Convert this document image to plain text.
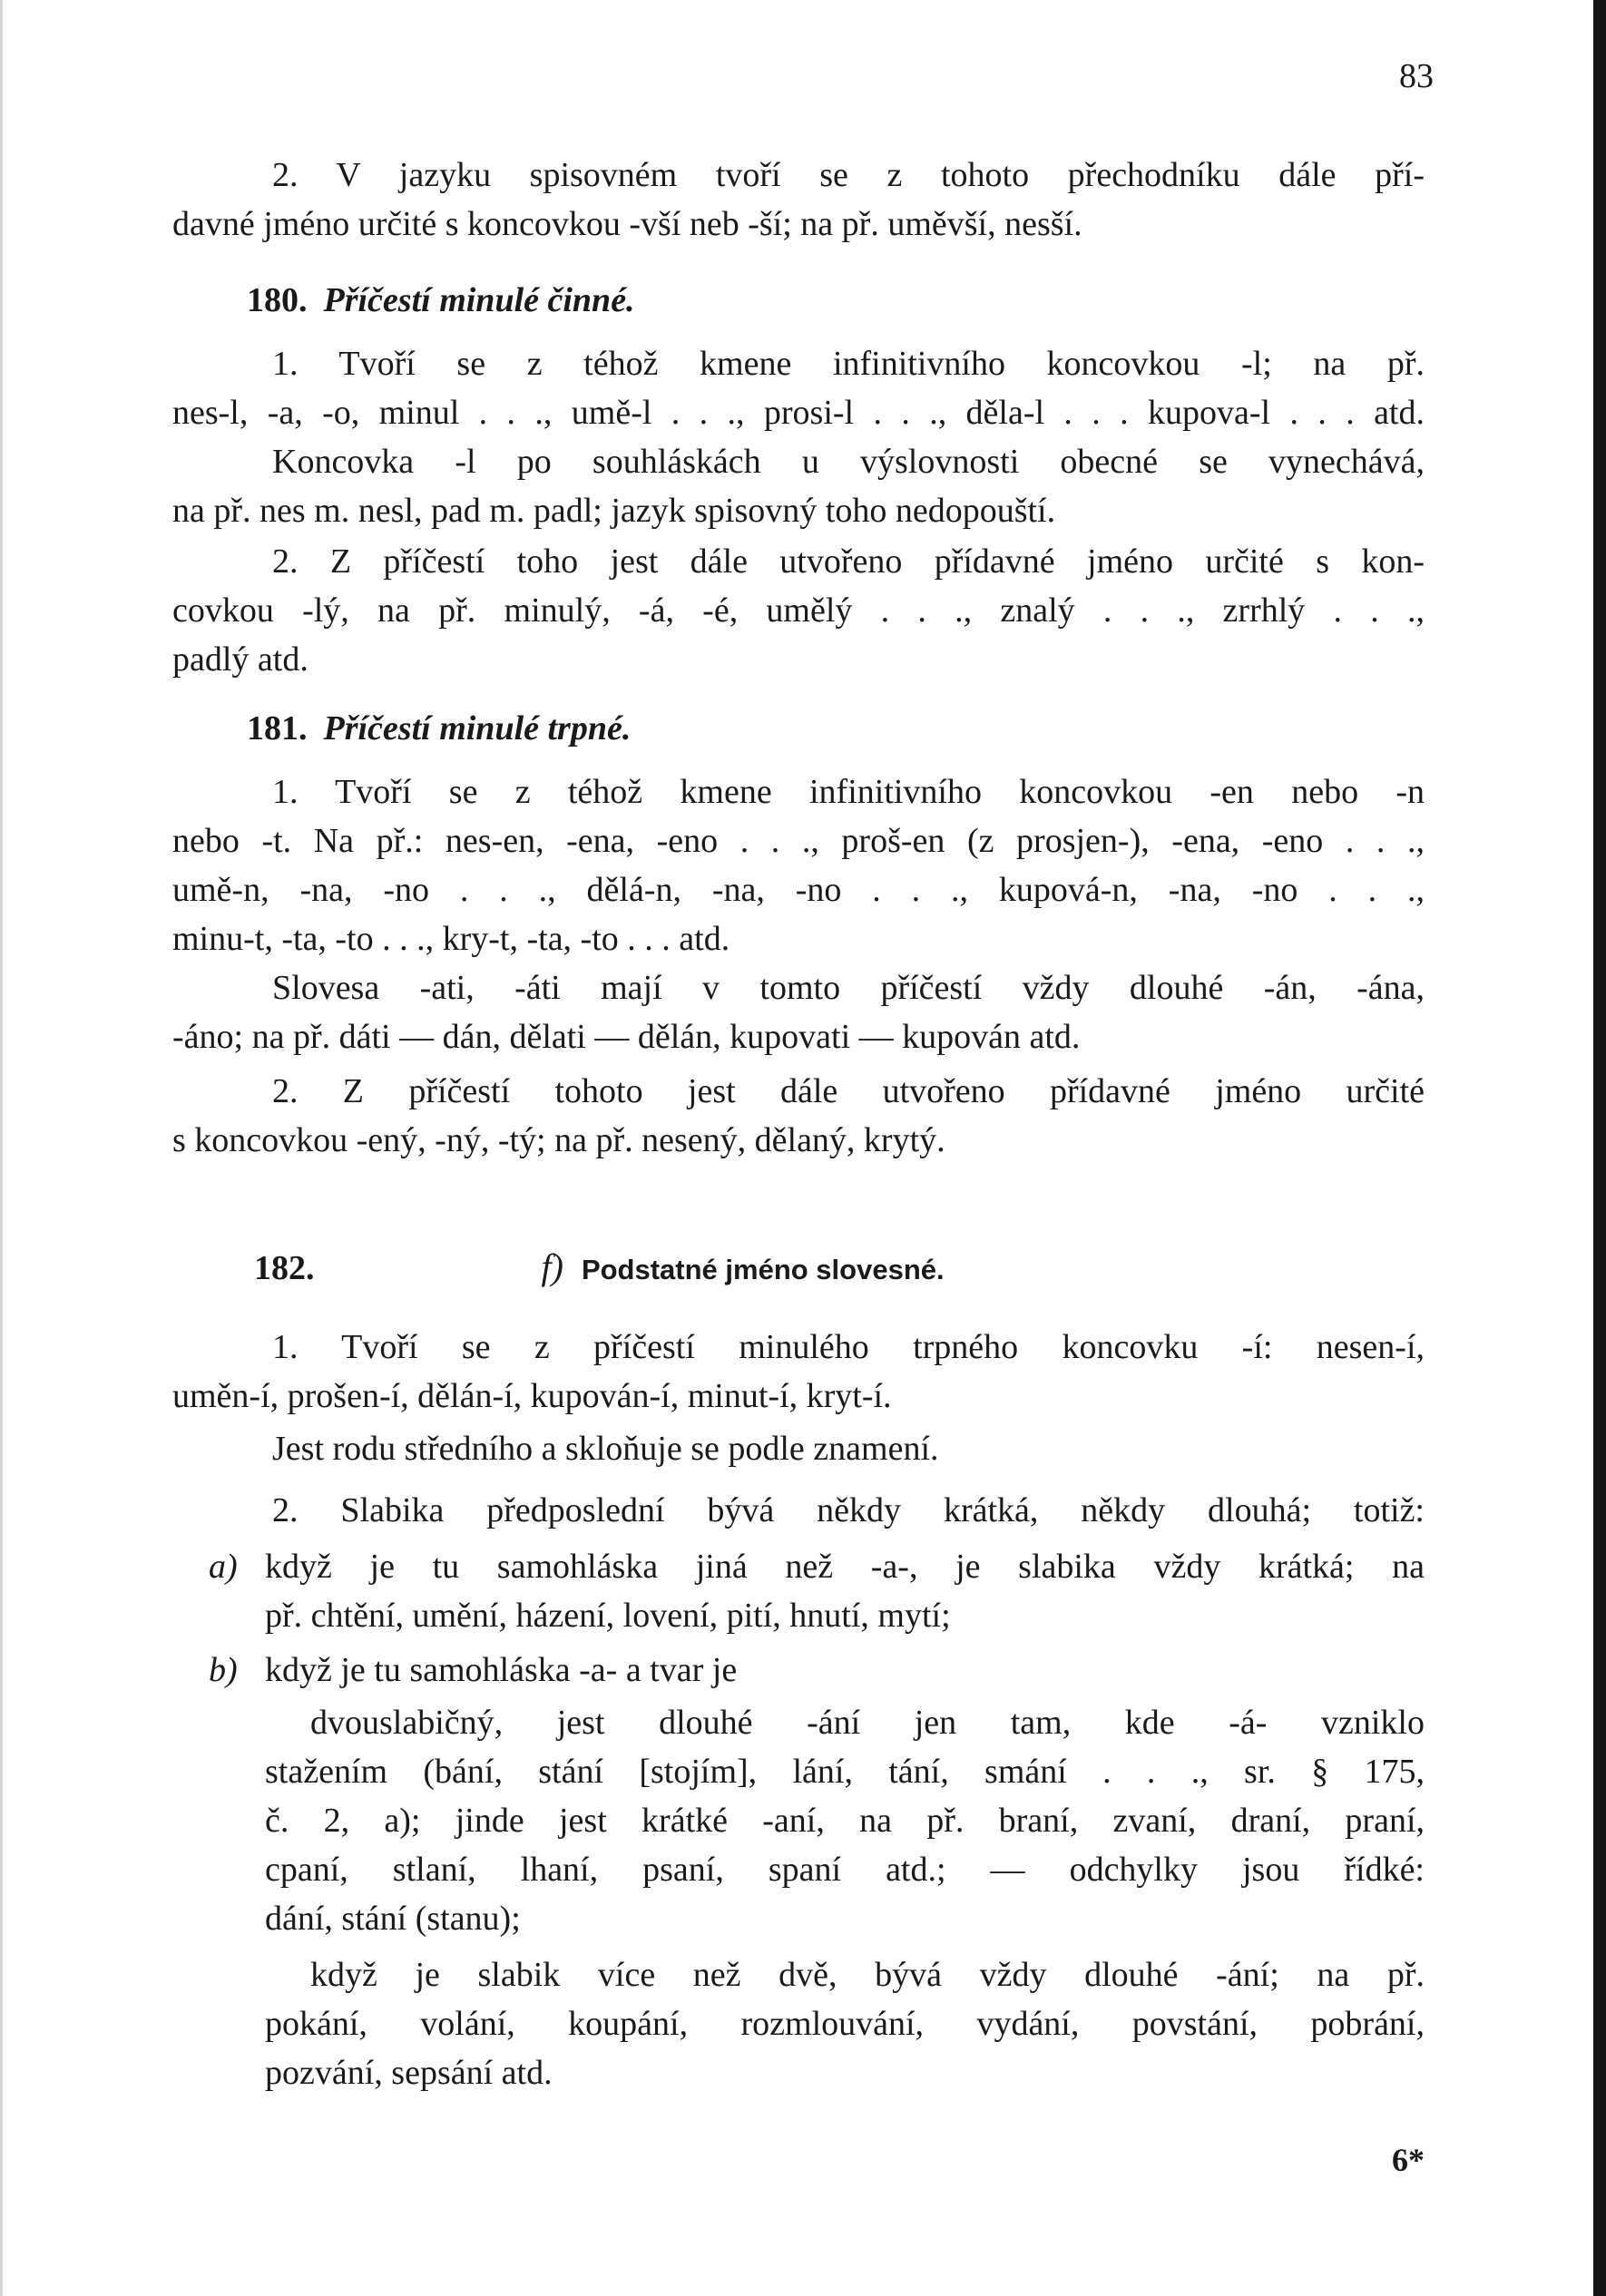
83
2. V jazyku spisovném tvoří se z tohoto přechodníku dále pří-
davné jméno určité s koncovkou -vší neb -ší; na př. uměvší, nesší.
180. Příčestí minulé činné.
1. Tvoří se z téhož kmene infinitivního koncovkou -l; na př.
nes-l, -a, -o, minul . . ., umě-l . . ., prosi-l . . ., děla-l . . . kupova-l . . . atd.
Koncovka -l po souhláskách u výslovnosti obecné se vynechává,
na př. nes m. nesl, pad m. padl; jazyk spisovný toho nedopouští.
2. Z příčestí toho jest dále utvořeno přídavné jméno určité s kon-
covkou -lý, na př. minulý, -á, -é, umělý . . ., znalý . . ., zrrhlý . . .,
padlý atd.
181. Příčestí minulé trpné.
1. Tvoří se z téhož kmene infinitivního koncovkou -en nebo -n
nebo -t. Na př.: nes-en, -ena, -eno . . ., proš-en (z prosjen-), -ena, -eno . . .,
umě-n, -na, -no . . ., dělá-n, -na, -no . . ., kupová-n, -na, -no . . .,
minu-t, -ta, -to . . ., kry-t, -ta, -to . . . atd.
Slovesa -ati, -áti mají v tomto příčestí vždy dlouhé -án, -ána,
-áno; na př. dáti — dán, dělati — dělán, kupovati — kupován atd.
2. Z příčestí tohoto jest dále utvořeno přídavné jméno určité
s koncovkou -ený, -ný, -tý; na př. nesený, dělaný, krytý.
182.	f) Podstatné jméno slovesné.
1. Tvoří se z příčestí minulého trpného koncovku -í: nesen-í,
uměn-í, prošen-í, dělán-í, kupován-í, minut-í, kryt-í.
Jest rodu středního a skloňuje se podle znamení.
2. Slabika předposlední bývá někdy krátká, někdy dlouhá; totiž:
a) když je tu samohláska jiná než -a-, je slabika vždy krátká; na
př. chtění, umění, házení, lovení, pití, hnutí, mytí;
b) když je tu samohláska -a- a tvar je
dvouslabičný, jest dlouhé -ání jen tam, kde -á- vzniklo
stažením (bání, stání [stojím], lání, tání, smání . . ., sr. § 175,
č. 2, a); jinde jest krátké -aní, na př. braní, zvaní, draní, praní,
cpaní, stlaní, lhaní, psaní, spaní atd.; — odchylky jsou řídké:
dání, stání (stanu);
když je slabik více než dvě, bývá vždy dlouhé -ání; na př.
pokání, volání, koupání, rozmlouvání, vydání, povstání, pobrání,
pozvání, sepsání atd.
6*
